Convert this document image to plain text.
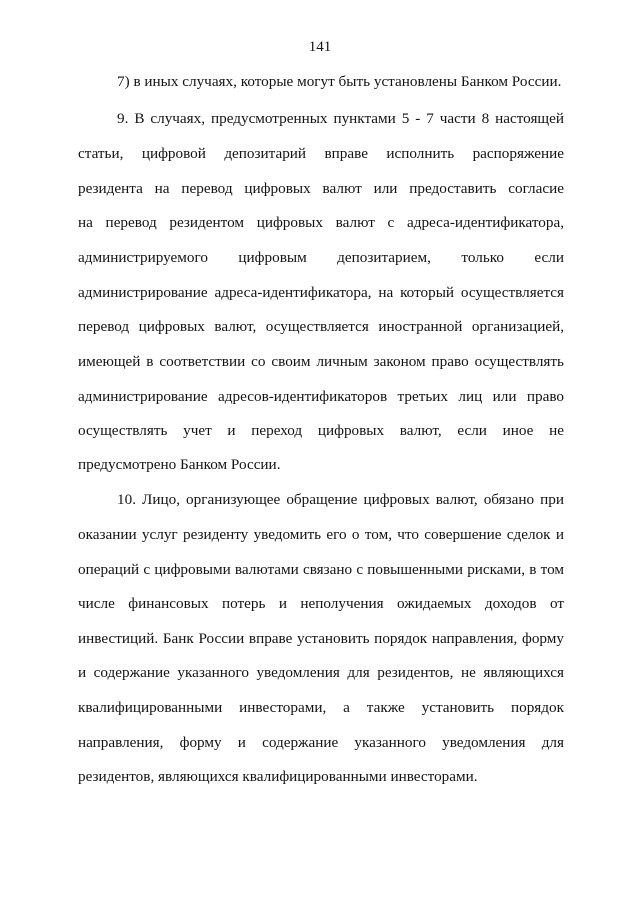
141
7) в иных случаях, которые могут быть установлены Банком России.
9. В случаях, предусмотренных пунктами 5 - 7 части 8 настоящей
статьи, цифровой депозитарий вправе исполнить распоряжение
резидента на перевод цифровых валют или предоставить согласие
на перевод резидентом цифровых валют с адреса-идентификатора,
администрируемого цифровым депозитарием, только если
администрирование адреса-идентификатора, на который осуществляется
перевод цифровых валют, осуществляется иностранной организацией,
имеющей в соответствии со своим личным законом право осуществлять
администрирование адресов-идентификаторов третьих лиц или право
осуществлять учет и переход цифровых валют, если иное не
предусмотрено Банком России.
10. Лицо, организующее обращение цифровых валют, обязано при
оказании услуг резиденту уведомить его о том, что совершение сделок и
операций с цифровыми валютами связано с повышенными рисками, в том
числе финансовых потерь и неполучения ожидаемых доходов от
инвестиций. Банк России вправе установить порядок направления, форму
и содержание указанного уведомления для резидентов, не являющихся
квалифицированными инвесторами, а также установить порядок
направления, форму и содержание указанного уведомления для
резидентов, являющихся квалифицированными инвесторами.
